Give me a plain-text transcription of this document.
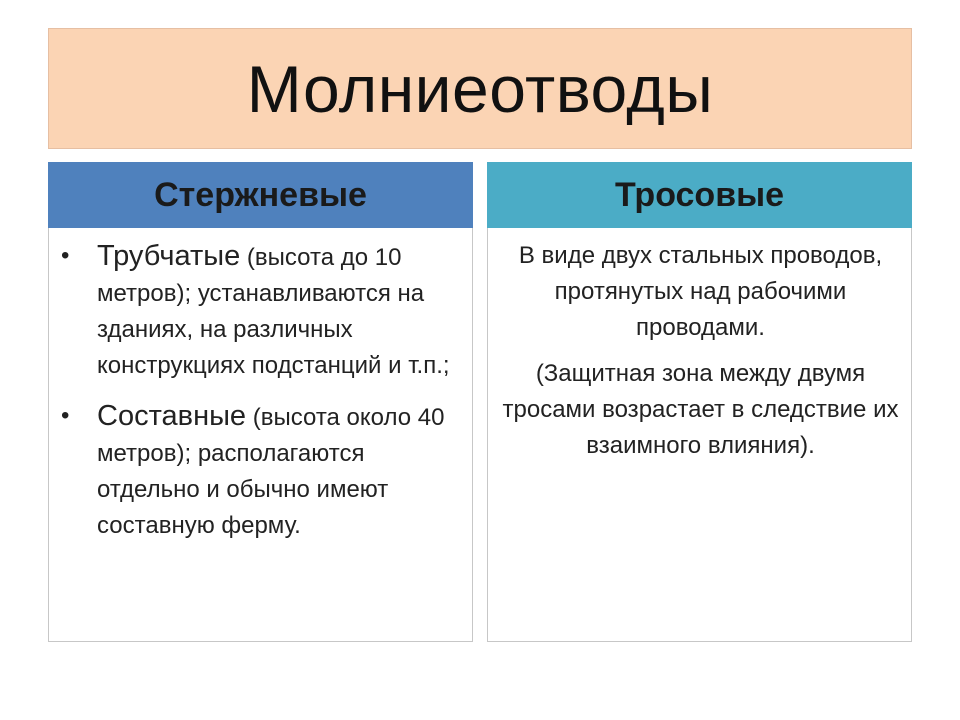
Молниеотводы
Стержневые
• Трубчатые (высота до 10 метров); устанавливаются на зданиях, на различных конструкциях подстанций и т.п.;
• Составные (высота около 40 метров); располагаются отдельно и обычно имеют составную ферму.
Тросовые

В виде двух стальных проводов, протянутых над рабочими проводами.

(Защитная зона между двумя тросами возрастает в следствие их взаимного влияния).
